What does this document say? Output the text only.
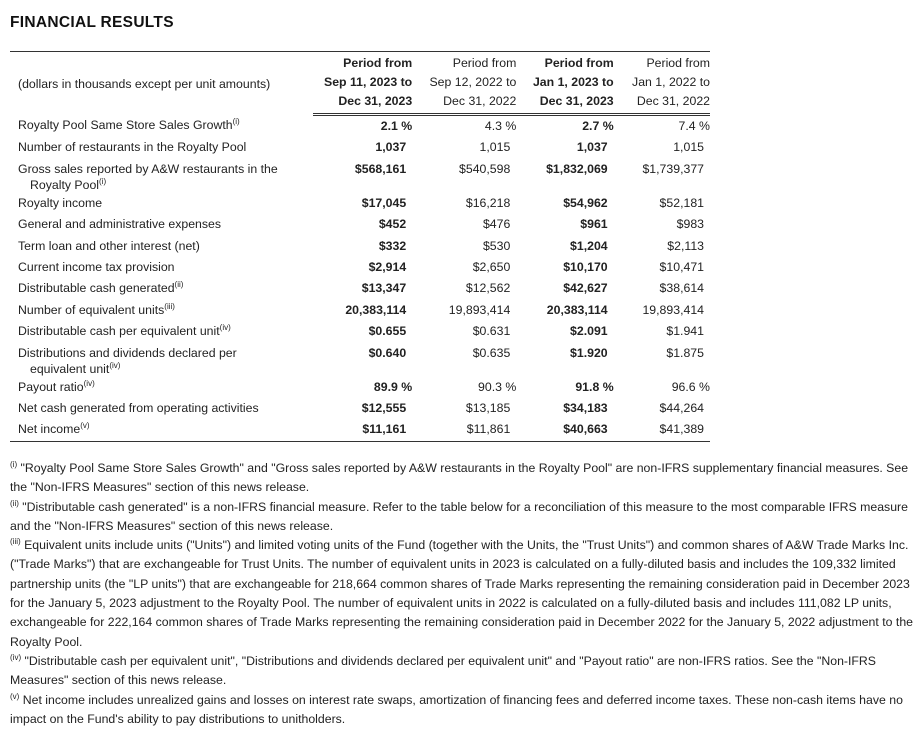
FINANCIAL RESULTS
(dollars in thousands except per unit amounts)	Period from	Period from	Period from	Period from
	Sep 11, 2023 to	Sep 12, 2022 to	Jan 1, 2023 to	Jan 1, 2022 to
	Dec 31, 2023	Dec 31, 2022	Dec 31, 2023	Dec 31, 2022
Royalty Pool Same Store Sales Growth$^{(i)}$	2.1 %	4.3 %	2.7 %	7.4 %
Number of restaurants in the Royalty Pool	1,037	1,015	1,037	1,015
Gross sales reported by A&W restaurants in the
Royalty Pool$^{(i)}$	$568,161	$540,598	$1,832,069	$1,739,377
Royalty income	$17,045	$16,218	$54,962	$52,181
General and administrative expenses	$452	$476	$961	$983
Term loan and other interest (net)	$332	$530	$1,204	$2,113
Current income tax provision	$2,914	$2,650	$10,170	$10,471
Distributable cash generated$^{(ii)}$	$13,347	$12,562	$42,627	$38,614
Number of equivalent units$^{(iii)}$	20,383,114	19,893,414	20,383,114	19,893,414
Distributable cash per equivalent unit$^{(iv)}$	$0.655	$0.631	$2.091	$1.941
Distributions and dividends declared per
equivalent unit$^{(iv)}$	$0.640	$0.635	$1.920	$1.875
Payout ratio$^{(iv)}$	89.9 %	90.3 %	91.8 %	96.6 %
Net cash generated from operating activities	$12,555	$13,185	$34,183	$44,264
Net income$^{(v)}$	$11,161	$11,861	$40,663	$41,389

$^{(i)}$ "Royalty Pool Same Store Sales Growth" and "Gross sales reported by A&W restaurants in the Royalty Pool" are non-IFRS supplementary financial measures. See the "Non-IFRS Measures" section of this news release.

$^{(ii)}$ "Distributable cash generated" is a non-IFRS financial measure. Refer to the table below for a reconciliation of this measure to the most comparable IFRS measure and the "Non-IFRS Measures" section of this news release.

$^{(iii)}$ Equivalent units include units ("Units") and limited voting units of the Fund (together with the Units, the "Trust Units") and common shares of A&W Trade Marks Inc. ("Trade Marks") that are exchangeable for Trust Units. The number of equivalent units in 2023 is calculated on a fully-diluted basis and includes the 109,332 limited partnership units (the "LP units") that are exchangeable for 218,664 common shares of Trade Marks representing the remaining consideration paid in December 2023 for the January 5, 2023 adjustment to the Royalty Pool. The number of equivalent units in 2022 is calculated on a fully-diluted basis and includes 111,082 LP units, exchangeable for 222,164 common shares of Trade Marks representing the remaining consideration paid in December 2022 for the January 5, 2022 adjustment to the Royalty Pool.

$^{(iv)}$ "Distributable cash per equivalent unit", "Distributions and dividends declared per equivalent unit" and "Payout ratio" are non-IFRS ratios. See the "Non-IFRS Measures" section of this news release.

$^{(v)}$ Net income includes unrealized gains and losses on interest rate swaps, amortization of financing fees and deferred income taxes. These non-cash items have no impact on the Fund's ability to pay distributions to unitholders.
